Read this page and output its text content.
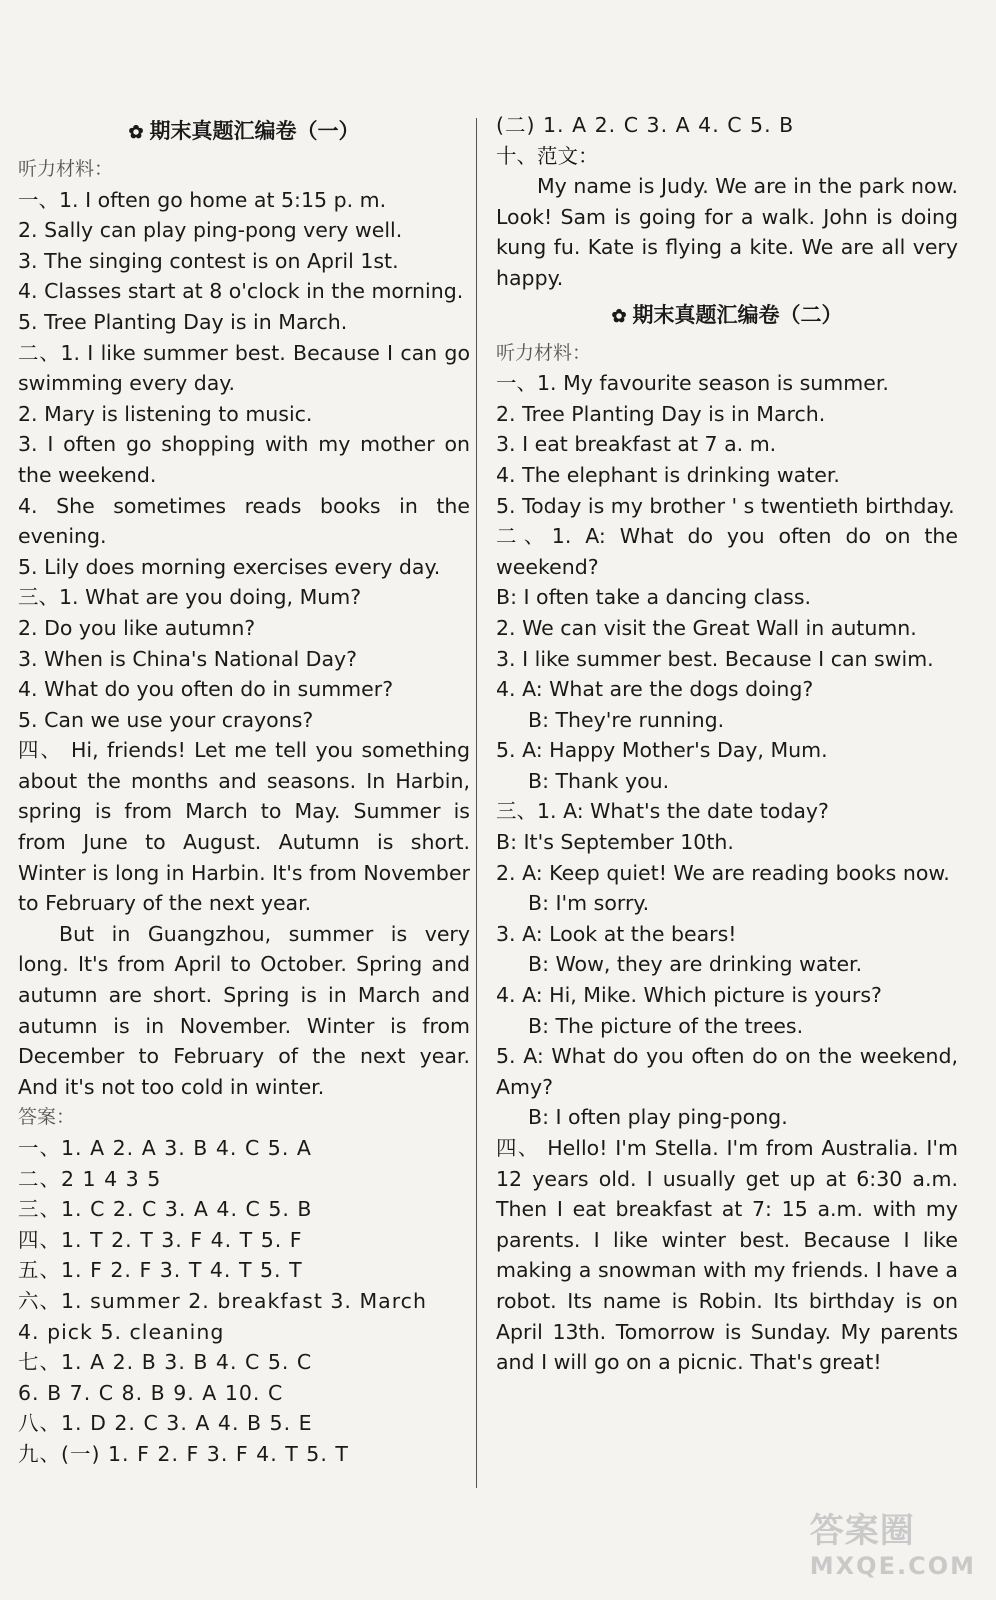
✿ 期末真题汇编卷（一）
听力材料：
一、1. I often go home at 5:15 p. m.
2. Sally can play ping-pong very well.
3. The singing contest is on April 1st.
4. Classes start at 8 o'clock in the morning.
5. Tree Planting Day is in March.
二、1. I like summer best. Because I can go swimming every day.
2. Mary is listening to music.
3. I often go shopping with my mother on the weekend.
4. She sometimes reads books in the evening.
5. Lily does morning exercises every day.
三、1. What are you doing, Mum?
2. Do you like autumn?
3. When is China's National Day?
4. What do you often do in summer?
5. Can we use your crayons?
四、 Hi, friends! Let me tell you something about the months and seasons. In Harbin, spring is from March to May. Summer is from June to August. Autumn is short. Winter is long in Harbin. It's from November to February of the next year.
But in Guangzhou, summer is very long. It's from April to October. Spring and autumn are short. Spring is in March and autumn is in November. Winter is from December to February of the next year. And it's not too cold in winter.
答案：
一、1. A 2. A 3. B 4. C 5. A
二、2 1 4 3 5
三、1. C 2. C 3. A 4. C 5. B
四、1. T 2. T 3. F 4. T 5. F
五、1. F 2. F 3. T 4. T 5. T
六、1. summer 2. breakfast 3. March
4. pick 5. cleaning
七、1. A 2. B 3. B 4. C 5. C
6. B 7. C 8. B 9. A 10. C
八、1. D 2. C 3. A 4. B 5. E
九、(一) 1. F 2. F 3. F 4. T 5. T
(二) 1. A 2. C 3. A 4. C 5. B
十、范文：
My name is Judy. We are in the park now. Look! Sam is going for a walk. John is doing kung fu. Kate is flying a kite. We are all very happy.
✿ 期末真题汇编卷（二）
听力材料：
一、1. My favourite season is summer.
2. Tree Planting Day is in March.
3. I eat breakfast at 7 a. m.
4. The elephant is drinking water.
5. Today is my brother ' s twentieth birthday.
二、1. A: What do you often do on the weekend?
B: I often take a dancing class.
2. We can visit the Great Wall in autumn.
3. I like summer best. Because I can swim.
4. A: What are the dogs doing?
B: They're running.
5. A: Happy Mother's Day, Mum.
B: Thank you.
三、1. A: What's the date today?
B: It's September 10th.
2. A: Keep quiet! We are reading books now.
B: I'm sorry.
3. A: Look at the bears!
B: Wow, they are drinking water.
4. A: Hi, Mike. Which picture is yours?
B: The picture of the trees.
5. A: What do you often do on the weekend, Amy?
B: I often play ping-pong.
四、 Hello! I'm Stella. I'm from Australia. I'm 12 years old. I usually get up at 6:30 a.m. Then I eat breakfast at 7: 15 a.m. with my parents. I like winter best. Because I like making a snowman with my friends. I have a robot. Its name is Robin. Its birthday is on April 13th. Tomorrow is Sunday. My parents and I will go on a picnic. That's great!
答案圈
MXQE.COM
